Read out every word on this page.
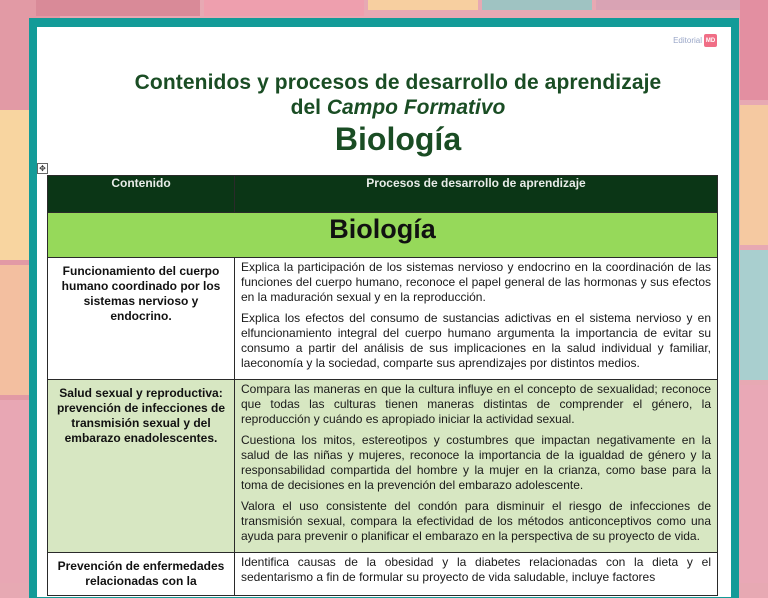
Editorial MD
Contenidos y procesos de desarrollo de aprendizaje
del Campo Formativo
Biología
✥
Contenido	Procesos de desarrollo de aprendizaje
Biología	
Funcionamiento del cuerpo humano coordinado por los sistemas nervioso y endocrino.	Explica la participación de los sistemas nervioso y endocrino en la coordinación de las funciones del cuerpo humano, reconoce el papel general de las hormonas y sus efectos en la maduración sexual y en la reproducción.

Explica los efectos del consumo de sustancias adictivas en el sistema nervioso y en elfuncionamiento integral del cuerpo humano argumenta la importancia de evitar su consumo a partir del análisis de sus implicaciones en la salud individual y familiar, laeconomía y la sociedad, comparte sus aprendizajes por distintos medios.

Salud sexual y reproductiva: prevención de infecciones de transmisión sexual y del embarazo enadolescentes.	Compara las maneras en que la cultura influye en el concepto de sexualidad; reconoce que todas las culturas tienen maneras distintas de comprender el género, la reproducción y cuándo es apropiado iniciar la actividad sexual.

Cuestiona los mitos, estereotipos y costumbres que impactan negativamente en la salud de las niñas y mujeres, reconoce la importancia de la igualdad de género y la responsabilidad compartida del hombre y la mujer en la crianza, como base para la toma de decisiones en la prevención del embarazo adolescente.

Valora el uso consistente del condón para disminuir el riesgo de infecciones de transmisión sexual, compara la efectividad de los métodos anticonceptivos como una ayuda para prevenir o planificar el embarazo en la perspectiva de su proyecto de vida.

Prevención de enfermedades relacionadas con la	Identifica causas de la obesidad y la diabetes relacionadas con la dieta y el sedentarismo a fin de formular su proyecto de vida saludable, incluye factores
